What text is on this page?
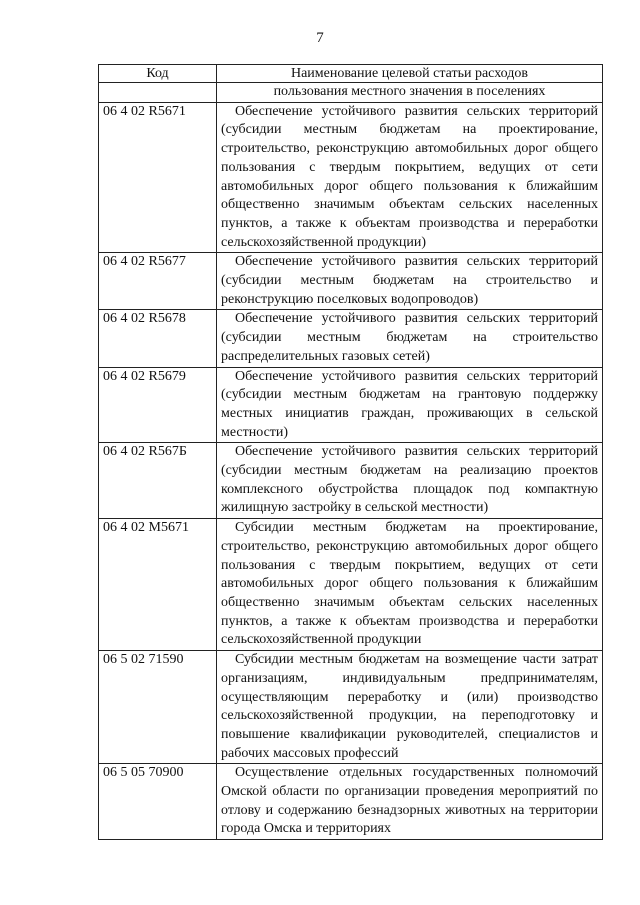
7
Код	Наименование целевой статьи расходов
	пользования местного значения в поселениях
06 4 02 R5671	Обеспечение устойчивого развития сельских территорий (субсидии местным бюджетам на проектирование, строительство, реконструкцию автомобильных дорог общего пользования с твердым покрытием, ведущих от сети автомобильных дорог общего пользования к ближайшим общественно значимым объектам сельских населенных пунктов, а также к объектам производства и переработки сельскохозяйственной продукции)

06 4 02 R5677	Обеспечение устойчивого развития сельских территорий (субсидии местным бюджетам на строительство и реконструкцию поселковых водопроводов)

06 4 02 R5678	Обеспечение устойчивого развития сельских территорий (субсидии местным бюджетам на строительство распределительных газовых сетей)

06 4 02 R5679	Обеспечение устойчивого развития сельских территорий (субсидии местным бюджетам на грантовую поддержку местных инициатив граждан, проживающих в сельской местности)

06 4 02 R567Б	Обеспечение устойчивого развития сельских территорий (субсидии местным бюджетам на реализацию проектов комплексного обустройства площадок под компактную жилищную застройку в сельской местности)

06 4 02 M5671	Субсидии местным бюджетам на проектирование, строительство, реконструкцию автомобильных дорог общего пользования с твердым покрытием, ведущих от сети автомобильных дорог общего пользования к ближайшим общественно значимым объектам сельских населенных пунктов, а также к объектам производства и переработки сельскохозяйственной продукции

06 5 02 71590	Субсидии местным бюджетам на возмещение части затрат организациям, индивидуальным предпринимателям, осуществляющим переработку и (или) производство сельскохозяйственной продукции, на переподготовку и повышение квалификации руководителей, специалистов и рабочих массовых профессий

06 5 05 70900	Осуществление отдельных государственных полномочий Омской области по организации проведения мероприятий по отлову и содержанию безнадзорных животных на территории города Омска и территориях
